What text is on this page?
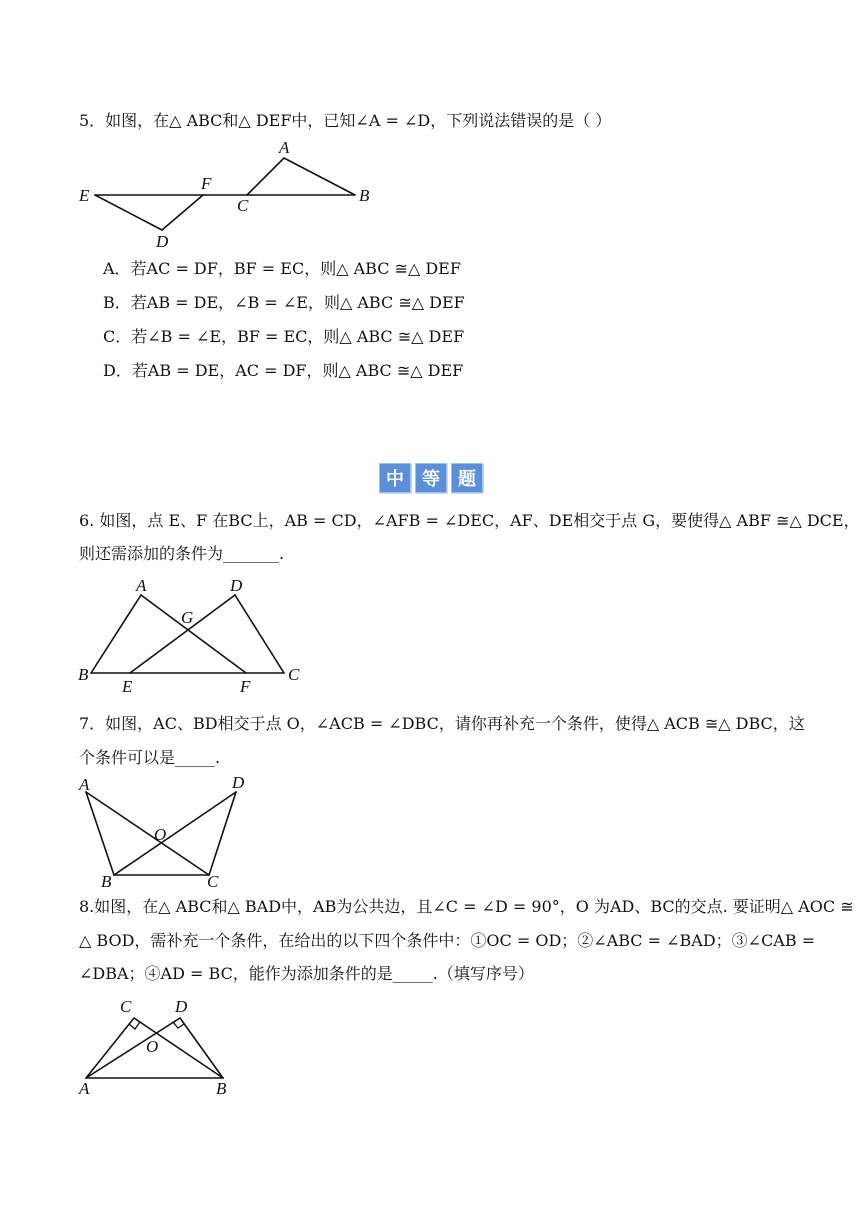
5．如图，在△ ABC和△ DEF中，已知∠A = ∠D，下列说法错误的是（ ）
A
B
C
D
E
F
A．若AC = DF，BF = EC，则△ ABC ≅△ DEF
B．若AB = DE，∠B = ∠E，则△ ABC ≅△ DEF
C．若∠B = ∠E，BF = EC，则△ ABC ≅△ DEF
D．若AB = DE，AC = DF，则△ ABC ≅△ DEF
中	等	题
6. 如图，点 E、F 在BC上，AB = CD，∠AFB = ∠DEC，AF、DE相交于点 G，要使得△ ABF ≅△ DCE，
则还需添加的条件为_______.
A	D
G
B
E	F
C
7．如图，AC、BD相交于点 O，∠ACB = ∠DBC，请你再补充一个条件，使得△ ACB ≅△ DBC，这
个条件可以是_____.
A	D
O
B	C
8.如图，在△ ABC和△ BAD中，AB为公共边，且∠C = ∠D = 90°，O 为AD、BC的交点. 要证明△ AOC ≅
△ BOD，需补充一个条件，在给出的以下四个条件中：①OC = OD；②∠ABC = ∠BAD；③∠CAB =
∠DBA；④AD = BC，能作为添加条件的是_____.（填写序号）
C	D
O
A	B
